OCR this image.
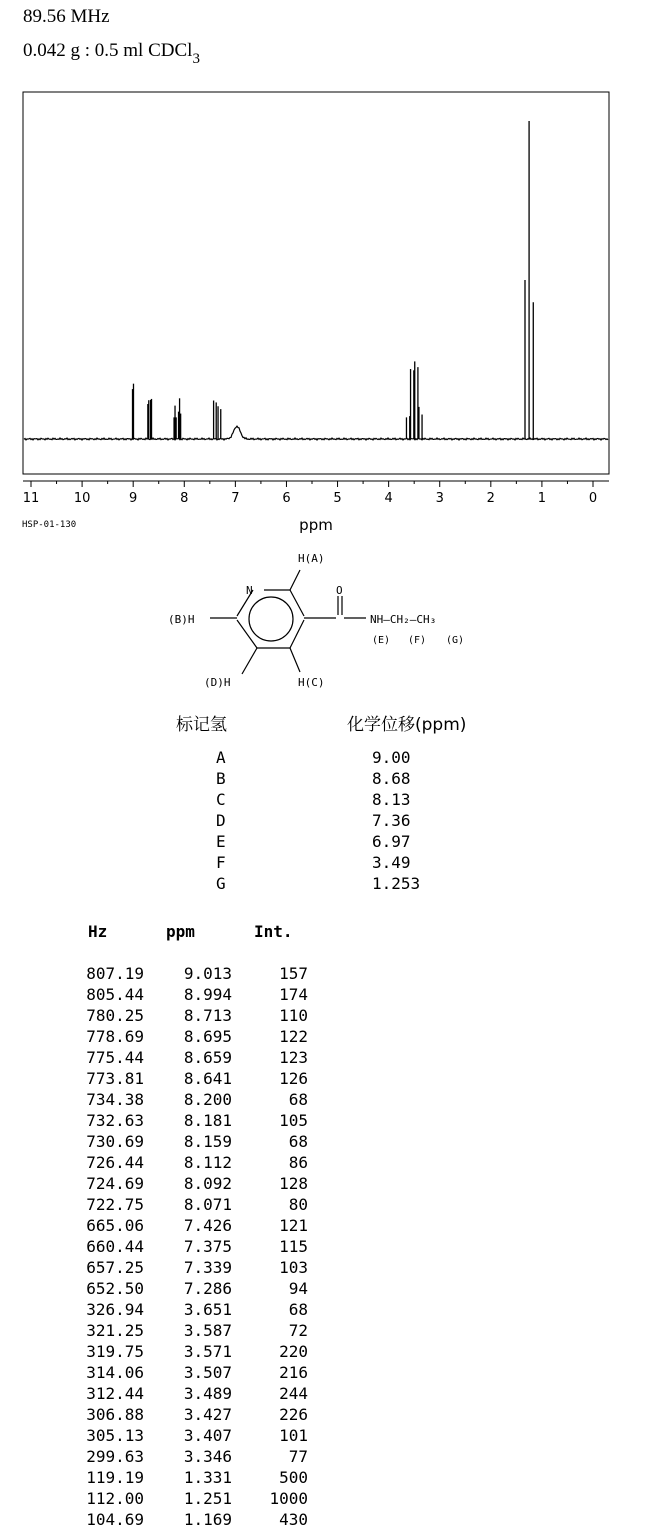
89.56 MHz
0.042 g : 0.5 ml CDCl$_3$
11	10	9	8	7	6	5	4	3	2	1	0
ppm
HSP-01-130
N	O
H(A)
(B)H
H(C)
(D)H
NH—CH₂—CH₃
(E) (F) (G)
标记氢	化学位移(ppm)
A	9.00
B	8.68
C	8.13
D	7.36
E	6.97
F	3.49
G	1.253
Hz	ppm	Int.
807.19	9.013	157
805.44	8.994	174
780.25	8.713	110
778.69	8.695	122
775.44	8.659	123
773.81	8.641	126
734.38	8.200	68
732.63	8.181	105
730.69	8.159	68
726.44	8.112	86
724.69	8.092	128
722.75	8.071	80
665.06	7.426	121
660.44	7.375	115
657.25	7.339	103
652.50	7.286	94
326.94	3.651	68
321.25	3.587	72
319.75	3.571	220
314.06	3.507	216
312.44	3.489	244
306.88	3.427	226
305.13	3.407	101
299.63	3.346	77
119.19	1.331	500
112.00	1.251	1000
104.69	1.169	430
